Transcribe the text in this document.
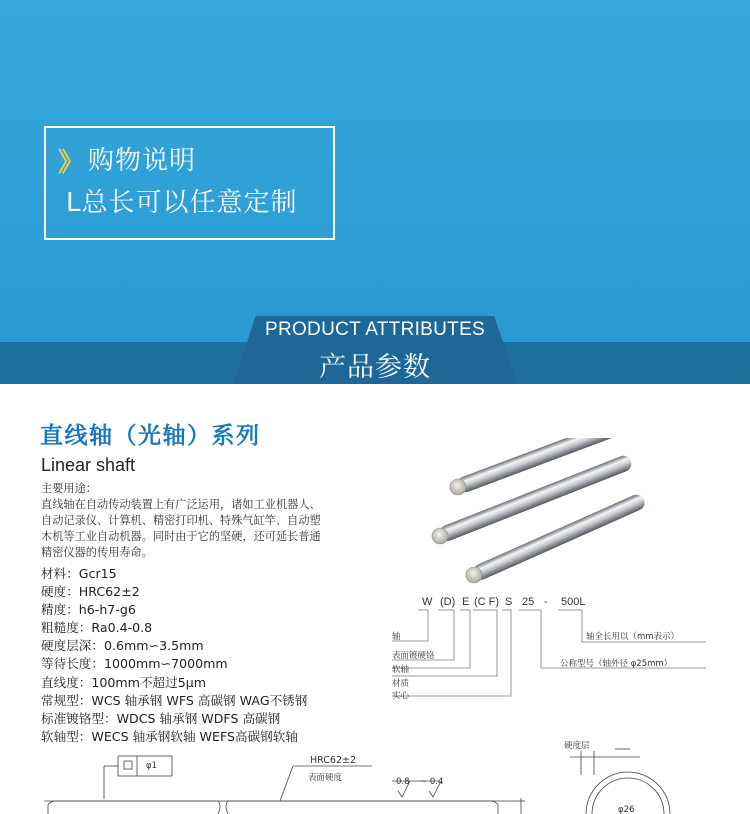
》 购物说明
L总长可以任意定制
PRODUCT ATTRIBUTES
产品参数
直线轴（光轴）系列
Linear shaft
主要用途：
直线轴在自动传动装置上有广泛运用，诸如工业机器人、
自动记录仪、计算机、精密打印机、特殊气缸竿、自动塑
木机等工业自动机器。同时由于它的坚硬，还可延长普通
精密仪器的传用寿命。
材料：Gcr15
硬度：HRC62±2
精度：h6-h7-g6
粗糙度：Ra0.4-0.8
硬度层深：0.6mm∽3.5mm
等待长度：1000mm∽7000mm
直线度：100mm不超过5μm
常规型：WCS 轴承钢 WFS 高碳钢 WAG不锈钢
标准镀铬型：WDCS 轴承钢 WDFS 高碳钢
软轴型：WECS 轴承钢软轴 WEFS高碳钢软轴
W (D) E (C F) S 25 - 500L
轴
表面镀硬铬
软轴
材质
实心
轴全长用以（mm表示）
公称型号（轴外径 φ25mm）
φ1	HRC62±2
表面硬度	0.8 ~ 0.4
硬度层
φ26
